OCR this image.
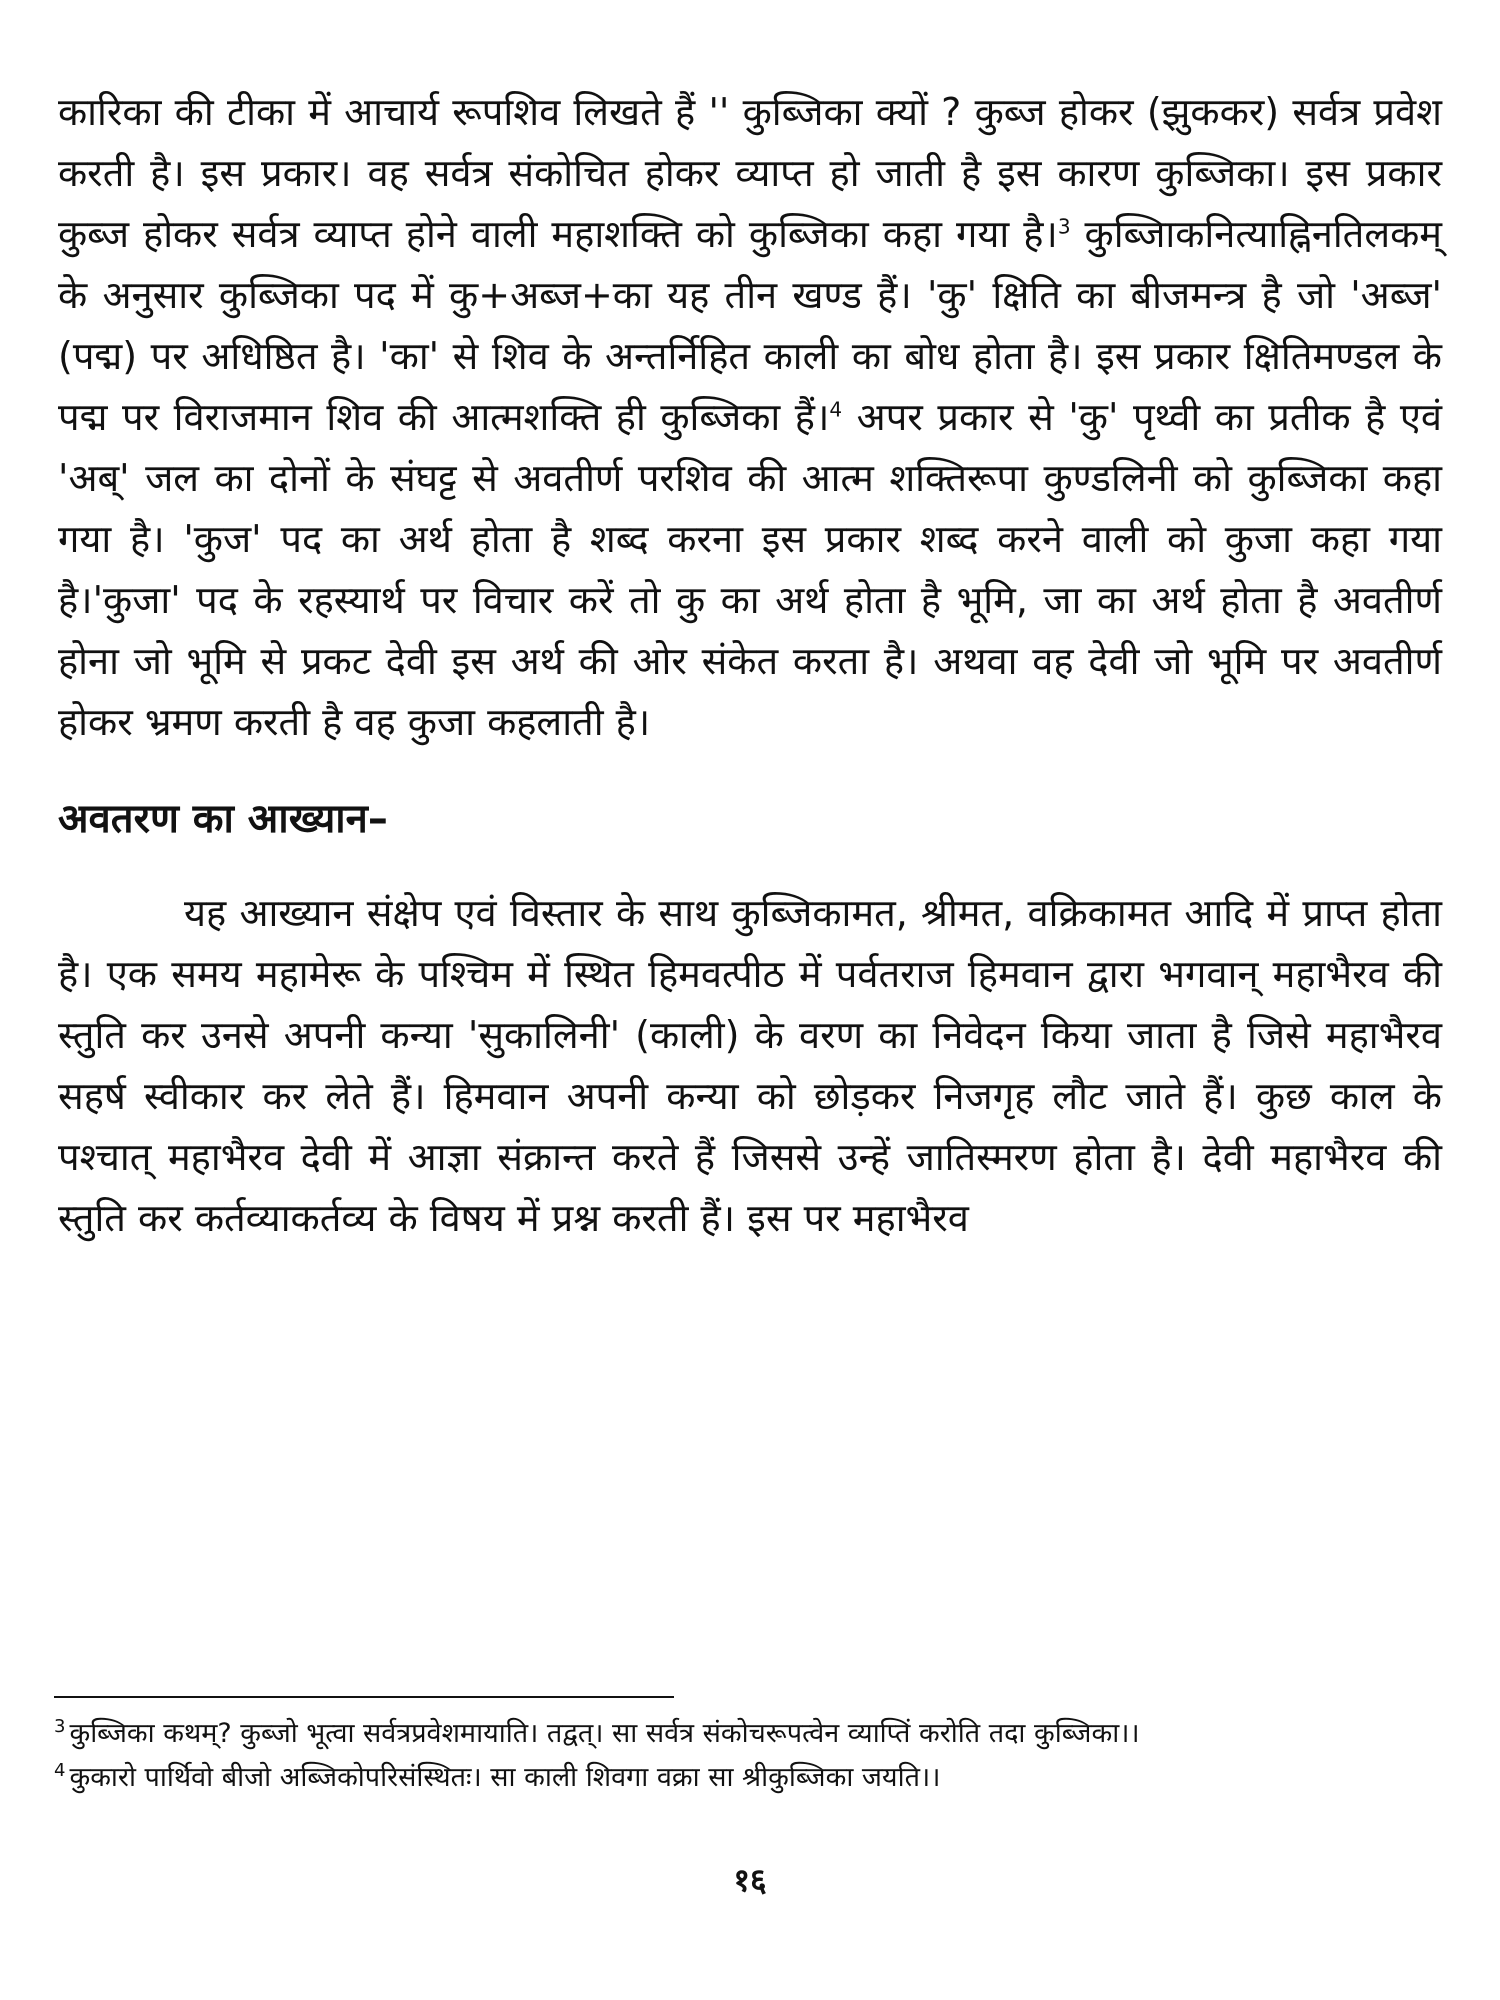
कारिका की टीका में आचार्य रूपशिव लिखते हैं '' कुब्जिका क्यों ? कुब्ज होकर (झुककर) सर्वत्र प्रवेश करती है। इस प्रकार। वह सर्वत्र संकोचित होकर व्याप्त हो जाती है इस कारण कुब्जिका। इस प्रकार कुब्ज होकर सर्वत्र व्याप्त होने वाली महाशक्ति को कुब्जिका कहा गया है।$^3$ कुब्जिाकनित्याह्निनतिलकम् के अनुसार कुब्जिका पद में कु+अब्ज+का यह तीन खण्ड हैं। 'कु' क्षिति का बीजमन्त्र है जो 'अब्ज' (पद्म) पर अधिष्ठित है। 'का' से शिव के अन्तर्निहित काली का बोध होता है। इस प्रकार क्षितिमण्डल के पद्म पर विराजमान शिव की आत्मशक्ति ही कुब्जिका हैं।$^4$ अपर प्रकार से 'कु' पृथ्वी का प्रतीक है एवं 'अब्' जल का दोनों के संघट्ट से अवतीर्ण परशिव की आत्म शक्तिरूपा कुण्डलिनी को कुब्जिका कहा गया है। 'कुज' पद का अर्थ होता है शब्द करना इस प्रकार शब्द करने वाली को कुजा कहा गया है।'कुजा' पद के रहस्यार्थ पर विचार करें तो कु का अर्थ होता है भूमि, जा का अर्थ होता है अवतीर्ण होना जो भूमि से प्रकट देवी इस अर्थ की ओर संकेत करता है। अथवा वह देवी जो भूमि पर अवतीर्ण होकर भ्रमण करती है वह कुजा कहलाती है।

अवतरण का आख्यान–

यह आख्यान संक्षेप एवं विस्तार के साथ कुब्जिकामत, श्रीमत, वक्रिकामत आदि में प्राप्त होता है। एक समय महामेरू के पश्चिम में स्थित हिमवत्पीठ में पर्वतराज हिमवान द्वारा भगवान् महाभैरव की स्तुति कर उनसे अपनी कन्या 'सुकालिनी' (काली) के वरण का निवेदन किया जाता है जिसे महाभैरव सहर्ष स्वीकार कर लेते हैं। हिमवान अपनी कन्या को छोड़कर निजगृह लौट जाते हैं। कुछ काल के पश्चात् महाभैरव देवी में आज्ञा संक्रान्त करते हैं जिससे उन्हें जातिस्मरण होता है। देवी महाभैरव की स्तुति कर कर्तव्याकर्तव्य के विषय में प्रश्न करती हैं। इस पर महाभैरव

$^3$ कुब्जिका कथम्? कुब्जो भूत्वा सर्वत्रप्रवेशमायाति। तद्वत्। सा सर्वत्र संकोचरूपत्वेन व्याप्तिं करोति तदा कुब्जिका।।

$^4$ कुकारो पार्थिवो बीजो अब्जिकोपरिसंस्थितः। सा काली शिवगा वक्रा सा श्रीकुब्जिका जयति।।

१६
